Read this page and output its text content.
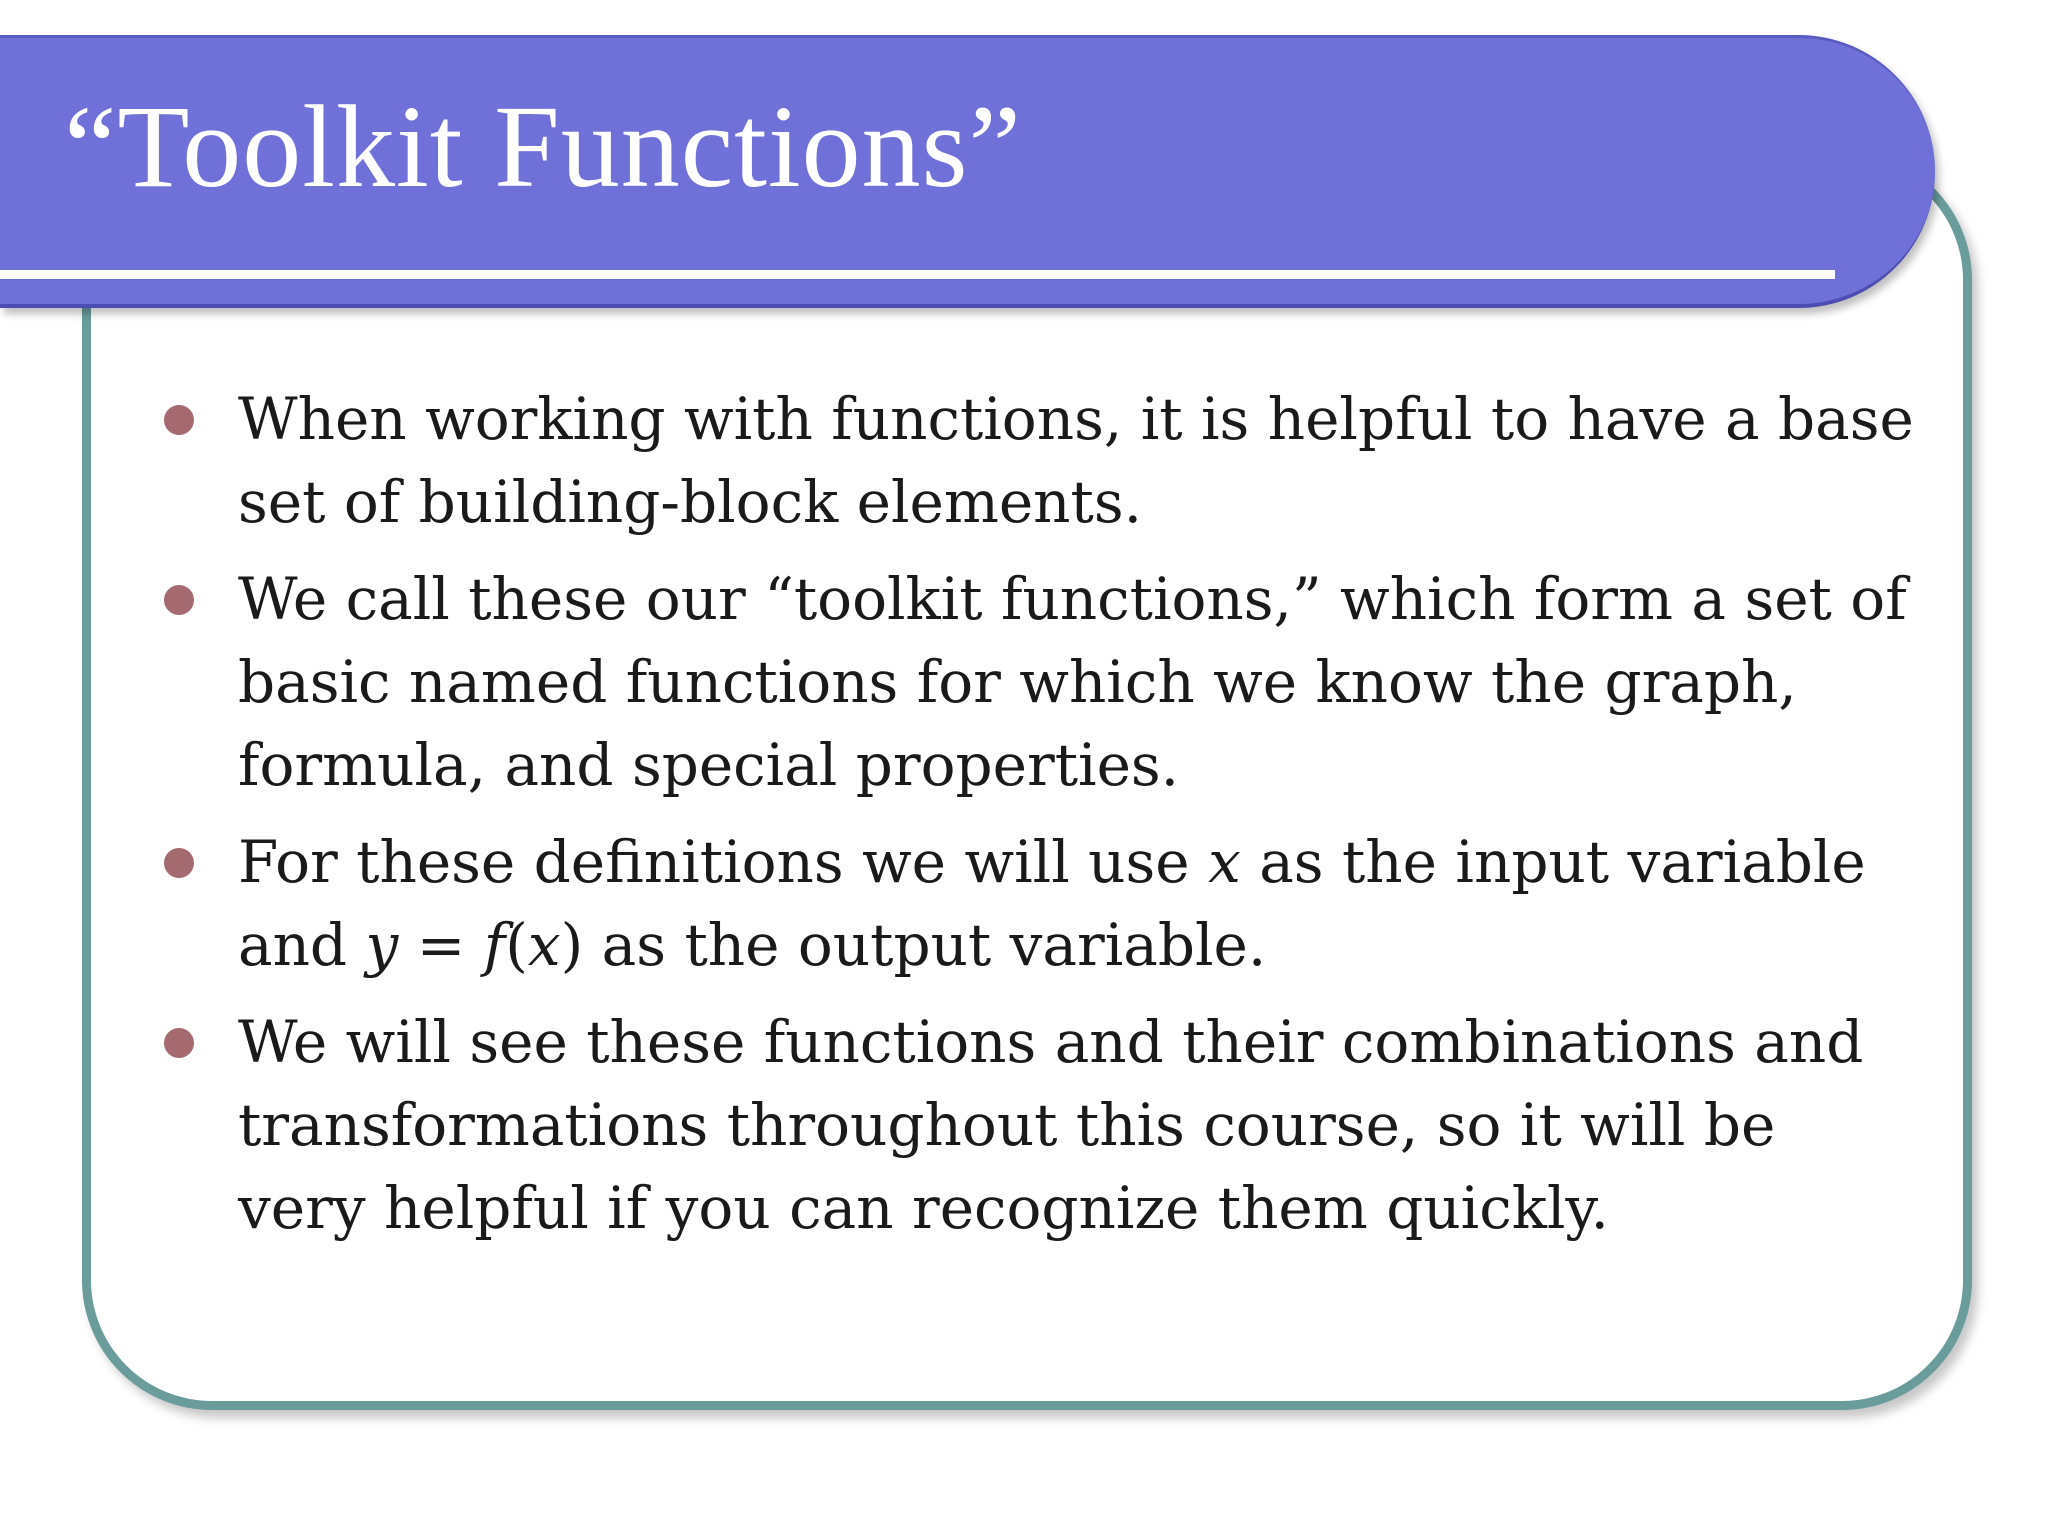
“Toolkit Functions”
When working with functions, it is helpful to have a base set of building-block elements.
We call these our “toolkit functions,” which form a set of basic named functions for which we know the graph, formula, and special properties.
For these definitions we will use x as the input variable and y = f(x) as the output variable.
We will see these functions and their combinations and transformations throughout this course, so it will be very helpful if you can recognize them quickly.
